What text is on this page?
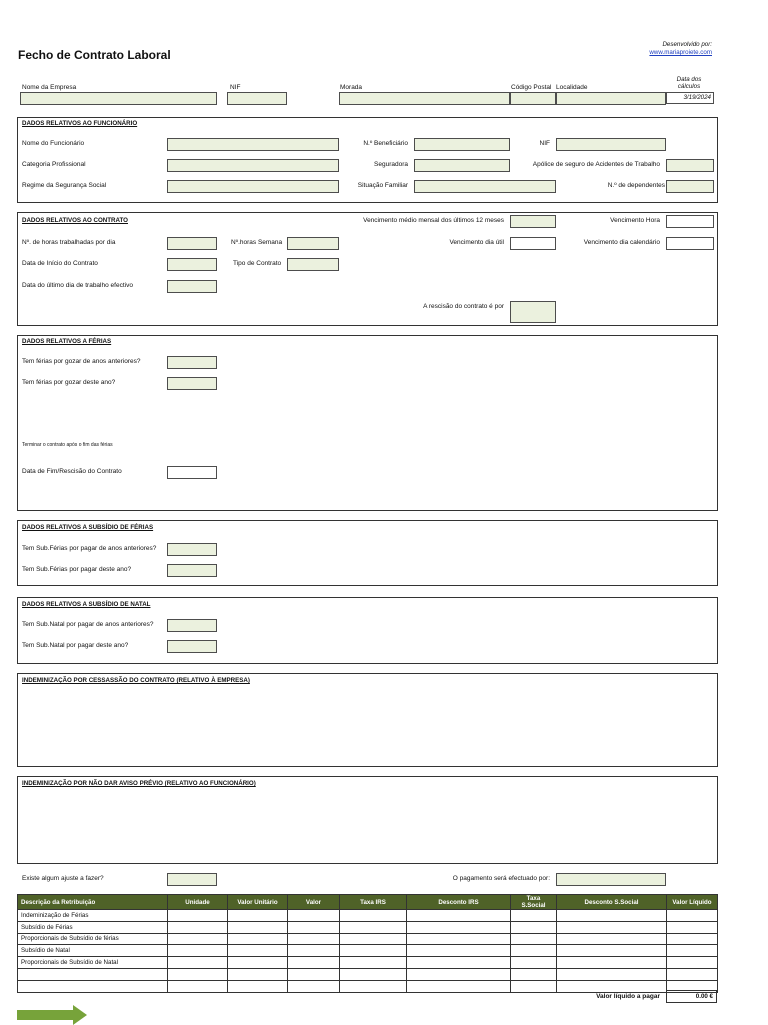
Fecho de Contrato Laboral
Desenvolvido por:
www.mariaproiete.com
Data dos
cálculos
3/19/2024
Nome da Empresa	NIF	Morada	Código Postal Localidade
DADOS RELATIVOS AO FUNCIONÁRIO
Nome do Funcionário	N.º Beneficiário	NIF
Categoria Profissional	Seguradora	Apólice de seguro de Acidentes de Trabalho
Regime da Segurança Social	Situação Familiar	N.º de dependentes
DADOS RELATIVOS AO CONTRATO	Vencimento médio mensal dos últimos 12 meses	Vencimento Hora
Nº. de horas trabalhadas por dia	Nº.horas Semana	Vencimento dia útil	Vencimento dia calendário
Data de Início do Contrato	Tipo de Contrato
Data do último dia de trabalho efectivo
A rescisão do contrato é por
DADOS RELATIVOS A FÉRIAS
Tem férias por gozar de anos anteriores?
Tem férias por gozar deste ano?
Terminar o contrato após o fim das férias
Data de Fim/Rescisão do Contrato
DADOS RELATIVOS A SUBSÍDIO DE FÉRIAS
Tem Sub.Férias por pagar de anos anteriores?
Tem Sub.Férias por pagar deste ano?
DADOS RELATIVOS A SUBSÍDIO DE NATAL
Tem Sub.Natal por pagar de anos anteriores?
Tem Sub.Natal por pagar deste ano?
INDEMINIZAÇÃO POR CESSASSÃO DO CONTRATO (RELATIVO À EMPRESA)
INDEMINIZAÇÃO POR NÃO DAR AVISO PRÉVIO (RELATIVO AO FUNCIONÁRIO)
Existe algum ajuste a fazer?	O pagamento será efectuado por:
Descrição da Retribuição	Unidade	Valor Unitário	Valor	Taxa IRS	Desconto IRS	Taxa S.Social	Desconto S.Social	Valor Líquido
Indeminização de Férias								
Subsídio de Férias								
Proporcionais de Subsídio de férias								
Subsídio de Natal								
Proporcionais de Subsídio de Natal								

Valor líquido a pagar	0.00 €
